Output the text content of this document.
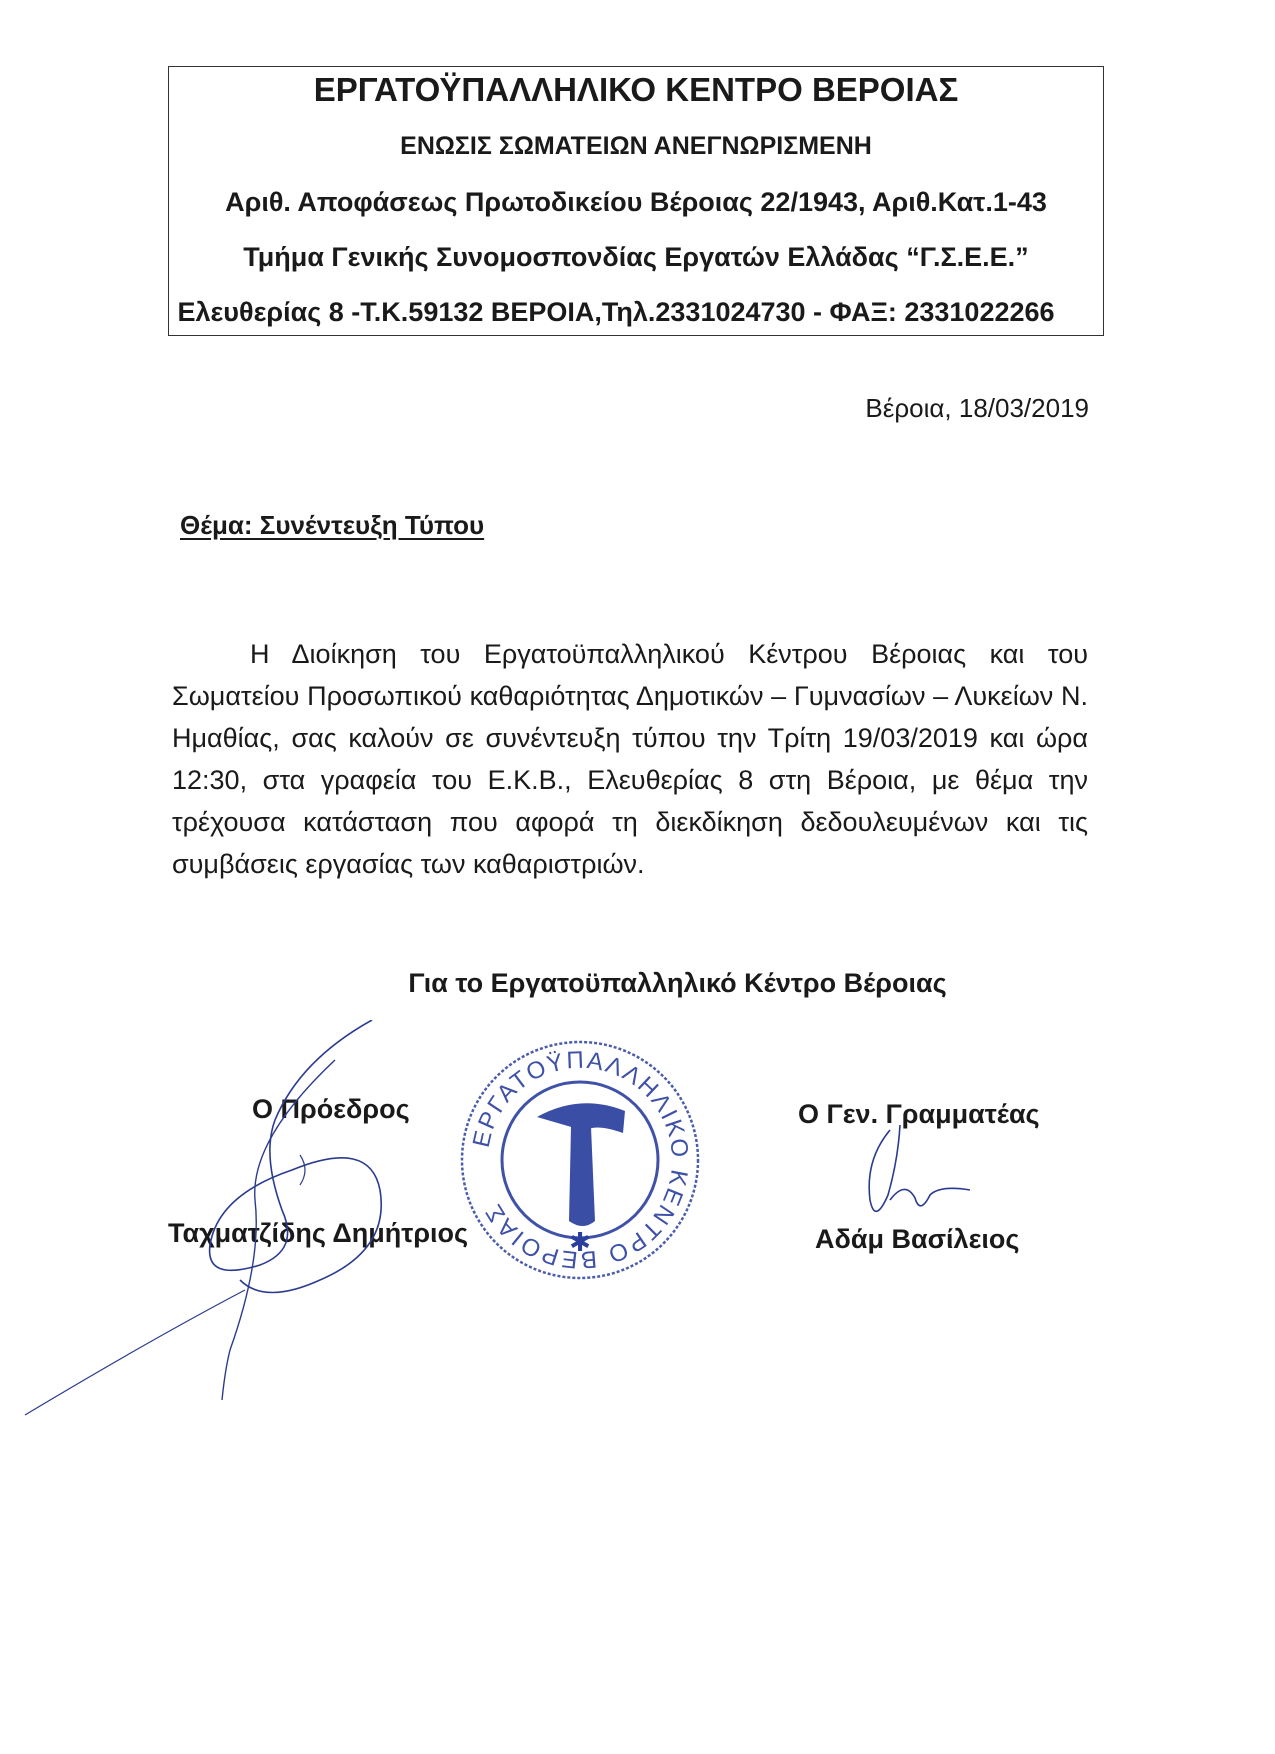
ΕΡΓΑΤΟΫΠΑΛΛΗΛΙΚΟ ΚΕΝΤΡΟ ΒΕΡΟΙΑΣ
ΕΝΩΣΙΣ ΣΩΜΑΤΕΙΩΝ ΑΝΕΓΝΩΡΙΣΜΕΝΗ
Αριθ. Αποφάσεως Πρωτοδικείου Βέροιας 22/1943, Αριθ.Κατ.1-43
Τμήμα Γενικής Συνομοσπονδίας Εργατών Ελλάδας “Γ.Σ.Ε.Ε.”
Ελευθερίας 8 -Τ.Κ.59132 ΒΕΡΟΙΑ,Τηλ.2331024730 - ΦΑΞ: 2331022266
Βέροια, 18/03/2019
Θέμα: Συνέντευξη Τύπου

Η Διοίκηση του Εργατοϋπαλληλικού Κέντρου Βέροιας και του Σωματείου Προσωπικού καθαριότητας Δημοτικών – Γυμνασίων – Λυκείων Ν. Ημαθίας, σας καλούν σε συνέντευξη τύπου την Τρίτη 19/03/2019 και ώρα 12:30, στα γραφεία του Ε.Κ.Β., Ελευθερίας 8 στη Βέροια, με θέμα την τρέχουσα κατάσταση που αφορά τη διεκδίκηση δεδουλευμένων και τις συμβάσεις εργασίας των καθαριστριών.

Για το Εργατοϋπαλληλικό Κέντρο Βέροιας
Ο Πρόεδρος
Ταχματζίδης Δημήτριος
Ο Γεν. Γραμματέας
Αδάμ Βασίλειος
ΕΡΓΑΤΟΫΠΑΛΛΗΛΙΚΟ ΚΕΝΤΡΟ ΒΕΡΟΙΑΣ
✱
